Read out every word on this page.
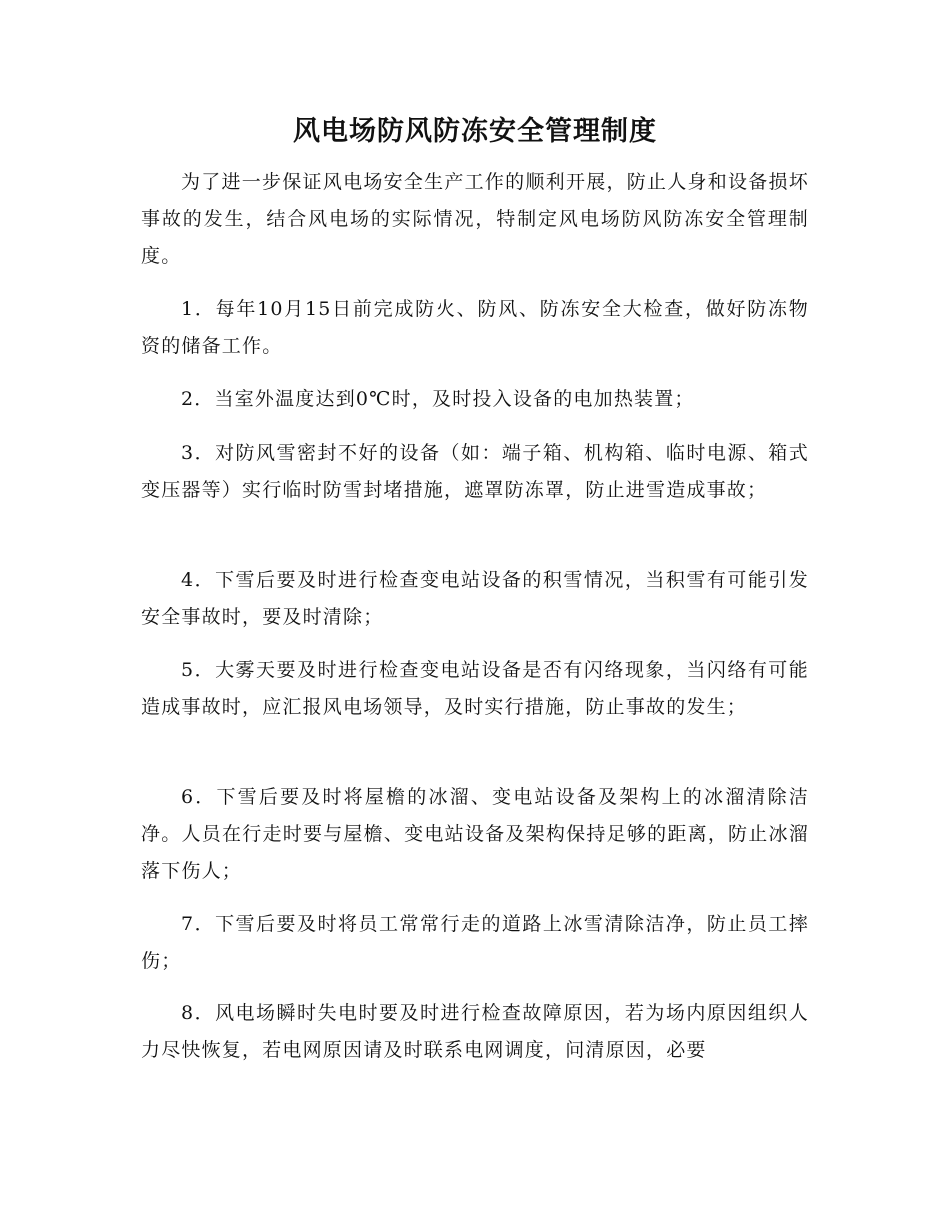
风电场防风防冻安全管理制度

为了进一步保证风电场安全生产工作的顺利开展，防止人身和设备损坏事故的发生，结合风电场的实际情况，特制定风电场防风防冻安全管理制度。

1．每年10月15日前完成防火、防风、防冻安全大检查，做好防冻物资的储备工作。

2．当室外温度达到0℃时，及时投入设备的电加热装置；

3．对防风雪密封不好的设备（如：端子箱、机构箱、临时电源、箱式变压器等）实行临时防雪封堵措施，遮罩防冻罩，防止进雪造成事故；

4．下雪后要及时进行检查变电站设备的积雪情况，当积雪有可能引发安全事故时，要及时清除；

5．大雾天要及时进行检查变电站设备是否有闪络现象，当闪络有可能造成事故时，应汇报风电场领导，及时实行措施，防止事故的发生；

6．下雪后要及时将屋檐的冰溜、变电站设备及架构上的冰溜清除洁净。人员在行走时要与屋檐、变电站设备及架构保持足够的距离，防止冰溜落下伤人；

7．下雪后要及时将员工常常行走的道路上冰雪清除洁净，防止员工摔伤；

8．风电场瞬时失电时要及时进行检查故障原因，若为场内原因组织人力尽快恢复，若电网原因请及时联系电网调度，问清原因，必要
